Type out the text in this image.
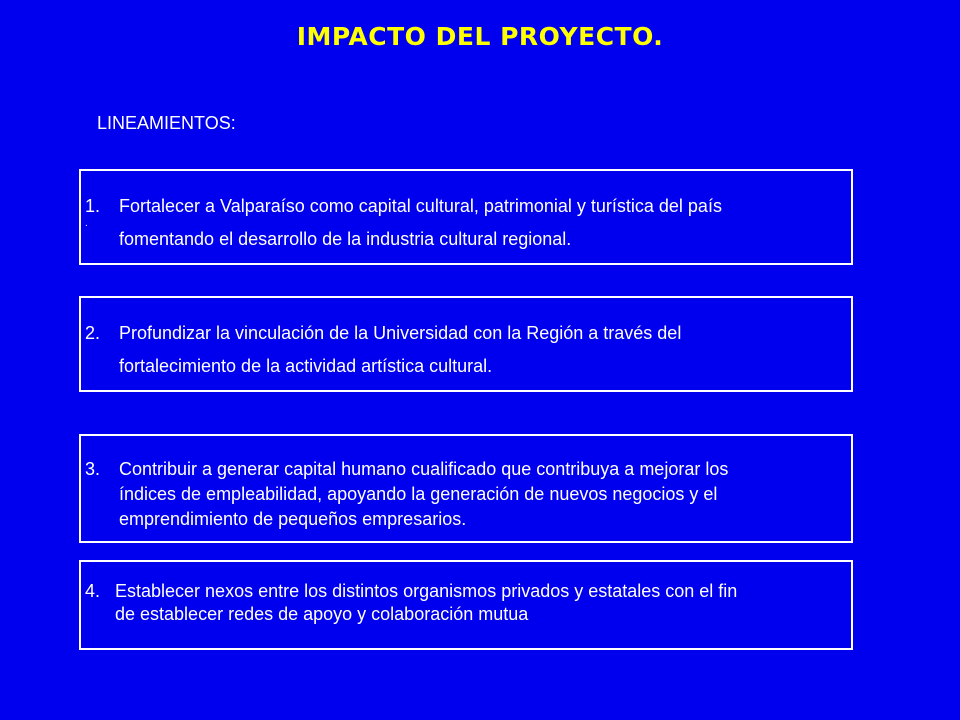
IMPACTO DEL PROYECTO.
LINEAMIENTOS:
1.
.
Fortalecer a Valparaíso como capital cultural, patrimonial y turística del país
fomentando el desarrollo de la industria cultural regional.
2. Profundizar la vinculación de la Universidad con la Región a través del
fortalecimiento de la actividad artística cultural.
3. Contribuir a generar capital humano cualificado que contribuya a mejorar los
índices de empleabilidad, apoyando la generación de nuevos negocios y el
emprendimiento de pequeños empresarios.
4. Establecer nexos entre los distintos organismos privados y estatales con el fin
de establecer redes de apoyo y colaboración mutua
